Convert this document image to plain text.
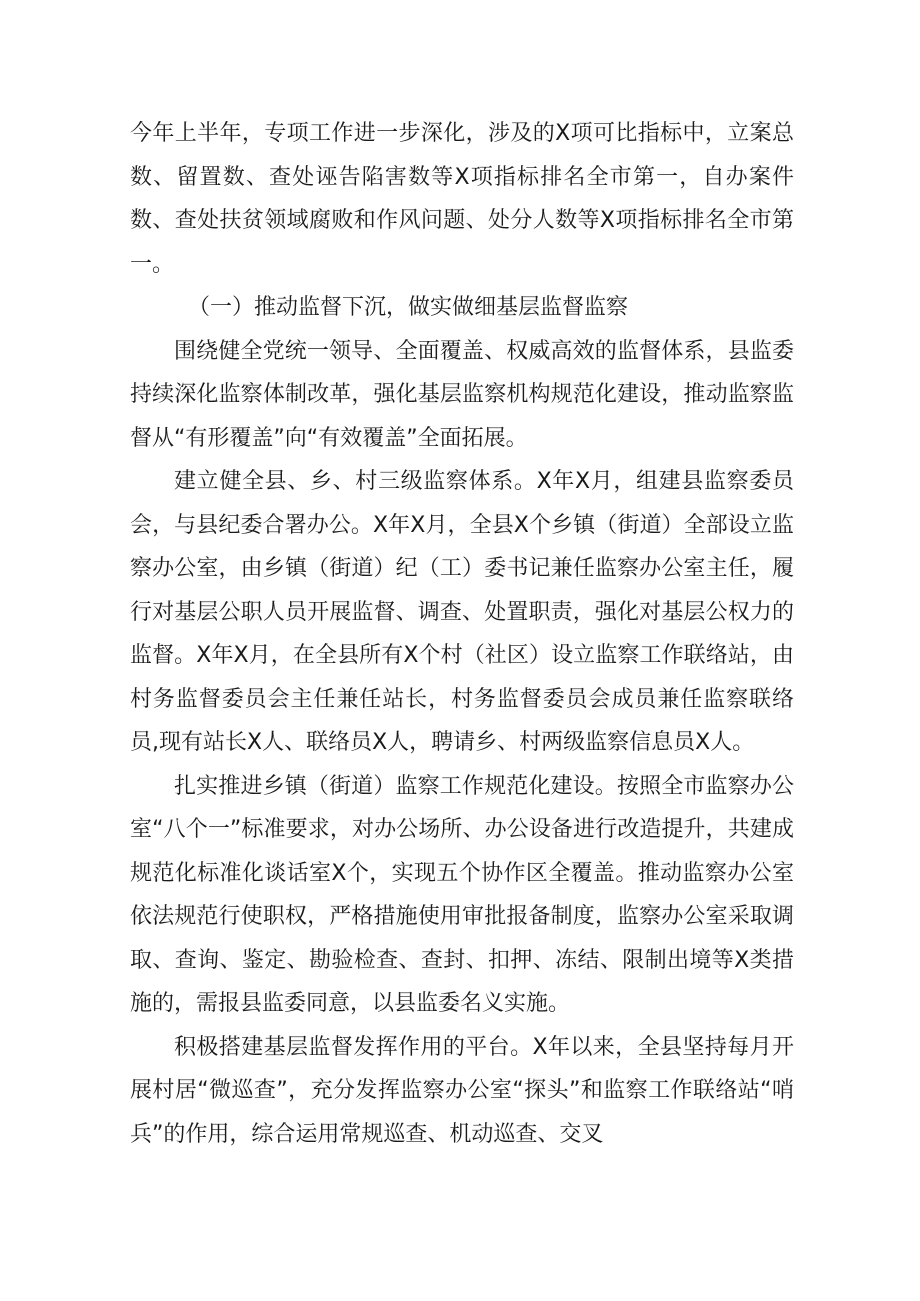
今年上半年，专项工作进一步深化，涉及的X项可比指标中，立案总数、留置数、查处诬告陷害数等X项指标排名全市第一，自办案件数、查处扶贫领域腐败和作风问题、处分人数等X项指标排名全市第一。

（一）推动监督下沉，做实做细基层监督监察

围绕健全党统一领导、全面覆盖、权威高效的监督体系，县监委持续深化监察体制改革，强化基层监察机构规范化建设，推动监察监督从“有形覆盖”向“有效覆盖”全面拓展。

建立健全县、乡、村三级监察体系。X年X月，组建县监察委员会，与县纪委合署办公。X年X月，全县X个乡镇（街道）全部设立监察办公室，由乡镇（街道）纪（工）委书记兼任监察办公室主任，履行对基层公职人员开展监督、调查、处置职责，强化对基层公权力的监督。X年X月，在全县所有X个村（社区）设立监察工作联络站，由村务监督委员会主任兼任站长，村务监督委员会成员兼任监察联络员,现有站长X人、联络员X人，聘请乡、村两级监察信息员X人。

扎实推进乡镇（街道）监察工作规范化建设。按照全市监察办公室“八个一”标准要求，对办公场所、办公设备进行改造提升，共建成规范化标准化谈话室X个，实现五个协作区全覆盖。推动监察办公室依法规范行使职权，严格措施使用审批报备制度，监察办公室采取调取、查询、鉴定、勘验检查、查封、扣押、冻结、限制出境等X类措施的，需报县监委同意，以县监委名义实施。

积极搭建基层监督发挥作用的平台。X年以来，全县坚持每月开展村居“微巡查”，充分发挥监察办公室“探头”和监察工作联络站“哨兵”的作用，综合运用常规巡查、机动巡查、交叉
